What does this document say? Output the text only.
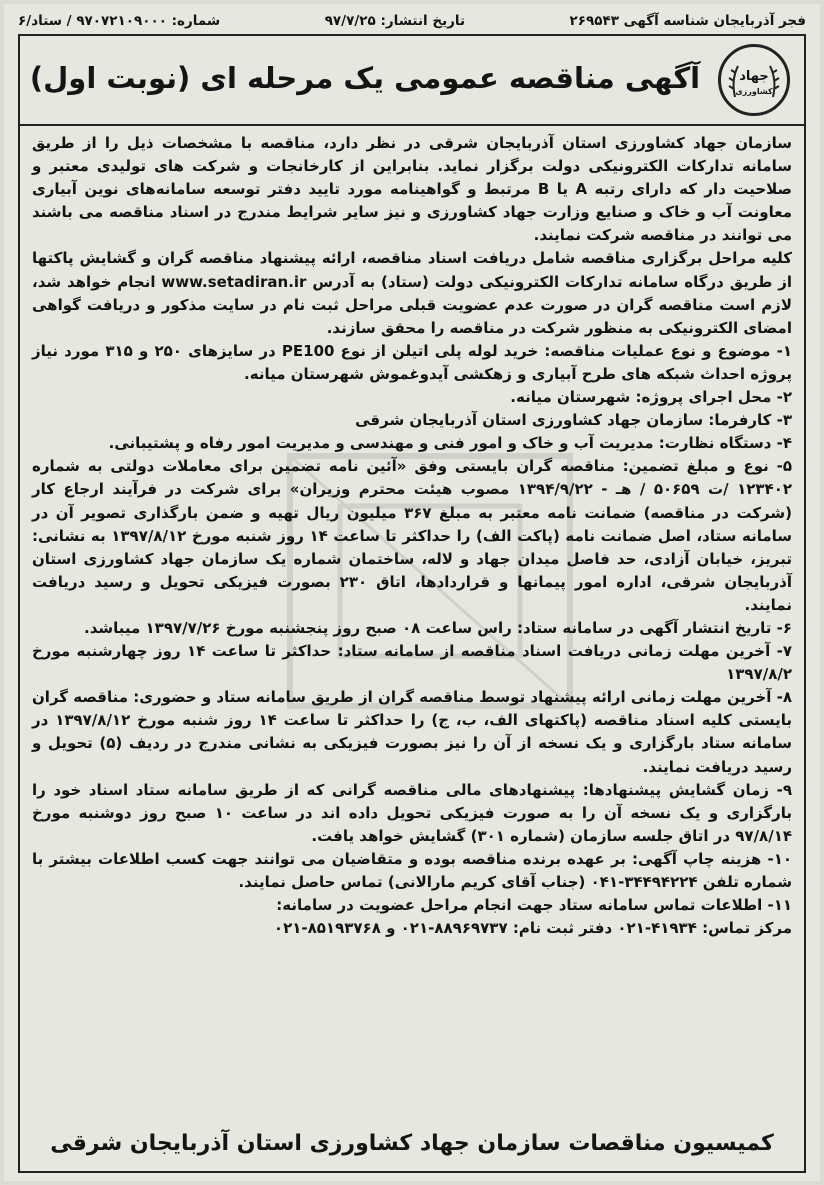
فجر آذربایجان شناسه آگهی ۲۶۹۵۴۳
تاریخ انتشار: ۹۷/۷/۲۵
شماره: ۹۷۰۷۲۱۰۹۰۰۰ / ستاد/۶
جهاد
کشاورزی
آگهی مناقصه عمومی یک مرحله ای (نوبت اول)

سازمان جهاد کشاورزی استان آذربایجان شرقی در نظر دارد، مناقصه با مشخصات ذیل را از طریق سامانه تدارکات الکترونیکی دولت برگزار نماید. بنابراین از کارخانجات و شرکت های تولیدی معتبر و صلاحیت دار که دارای رتبه A یا B مرتبط و گواهینامه مورد تایید دفتر توسعه سامانه‌های نوین آبیاری معاونت آب و خاک و صنایع وزارت جهاد کشاورزی و نیز سایر شرایط مندرج در اسناد مناقصه می باشند می توانند در مناقصه شرکت نمایند.

کلیه مراحل برگزاری مناقصه شامل دریافت اسناد مناقصه، ارائه پیشنهاد مناقصه گران و گشایش پاکتها از طریق درگاه سامانه تدارکات الکترونیکی دولت (ستاد) به آدرس www.setadiran.ir انجام خواهد شد، لازم است مناقصه گران در صورت عدم عضویت قبلی مراحل ثبت نام در سایت مذکور و دریافت گواهی امضای الکترونیکی به منظور شرکت در مناقصه را محقق سازند.

۱- موضوع و نوع عملیات مناقصه: خرید لوله پلی اتیلن از نوع PE100 در سایزهای ۲۵۰ و ۳۱۵ مورد نیاز پروژه احداث شبکه های طرح آبیاری و زهکشی آیدوغموش شهرستان میانه.

۲- محل اجرای پروژه: شهرستان میانه.

۳- کارفرما: سازمان جهاد کشاورزی استان آذربایجان شرقی

۴- دستگاه نظارت: مدیریت آب و خاک و امور فنی و مهندسی و مدیریت امور رفاه و پشتیبانی.

۵- نوع و مبلغ تضمین: مناقصه گران بایستی وفق «آئین نامه تضمین برای معاملات دولتی به شماره ۱۲۳۴۰۲ /ت ۵۰۶۵۹ / هـ - ۱۳۹۴/۹/۲۲ مصوب هیئت محترم وزیران» برای شرکت در فرآیند ارجاع کار (شرکت در مناقصه) ضمانت نامه معتبر به مبلغ ۳۶۷ میلیون ریال تهیه و ضمن بارگذاری تصویر آن در سامانه ستاد، اصل ضمانت نامه (پاکت الف) را حداکثر تا ساعت ۱۴ روز شنبه مورخ ۱۳۹۷/۸/۱۲ به نشانی: تبریز، خیابان آزادی، حد فاصل میدان جهاد و لاله، ساختمان شماره یک سازمان جهاد کشاورزی استان آذربایجان شرقی، اداره امور پیمانها و قراردادها، اتاق ۲۳۰ بصورت فیزیکی تحویل و رسید دریافت نمایند.

۶- تاریخ انتشار آگهی در سامانه ستاد: راس ساعت ۰۸ صبح روز پنجشنبه مورخ ۱۳۹۷/۷/۲۶ میباشد.

۷- آخرین مهلت زمانی دریافت اسناد مناقصه از سامانه ستاد: حداکثر تا ساعت ۱۴ روز چهارشنبه مورخ ۱۳۹۷/۸/۲

۸- آخرین مهلت زمانی ارائه پیشنهاد توسط مناقصه گران از طریق سامانه ستاد و حضوری: مناقصه گران بایستی کلیه اسناد مناقصه (پاکتهای الف، ب، ج) را حداکثر تا ساعت ۱۴ روز شنبه مورخ ۱۳۹۷/۸/۱۲ در سامانه ستاد بارگزاری و یک نسخه از آن را نیز بصورت فیزیکی به نشانی مندرج در ردیف (۵) تحویل و رسید دریافت نمایند.

۹- زمان گشایش پیشنهادها: پیشنهادهای مالی مناقصه گرانی که از طریق سامانه ستاد اسناد خود را بارگزاری و یک نسخه آن را به صورت فیزیکی تحویل داده اند در ساعت ۱۰ صبح روز دوشنبه مورخ ۹۷/۸/۱۴ در اتاق جلسه سازمان (شماره ۳۰۱) گشایش خواهد یافت.

۱۰- هزینه چاپ آگهی: بر عهده برنده مناقصه بوده و متقاضیان می توانند جهت کسب اطلاعات بیشتر با شماره تلفن ۳۴۴۹۴۲۲۴-۰۴۱ (جناب آقای کریم مارالانی) تماس حاصل نمایند.

۱۱- اطلاعات تماس سامانه ستاد جهت انجام مراحل عضویت در سامانه:

مرکز تماس: ۴۱۹۳۴-۰۲۱ دفتر ثبت نام: ۸۸۹۶۹۷۳۷-۰۲۱ و ۸۵۱۹۳۷۶۸-۰۲۱

کمیسیون مناقصات سازمان جهاد کشاورزی استان آذربایجان شرقی
